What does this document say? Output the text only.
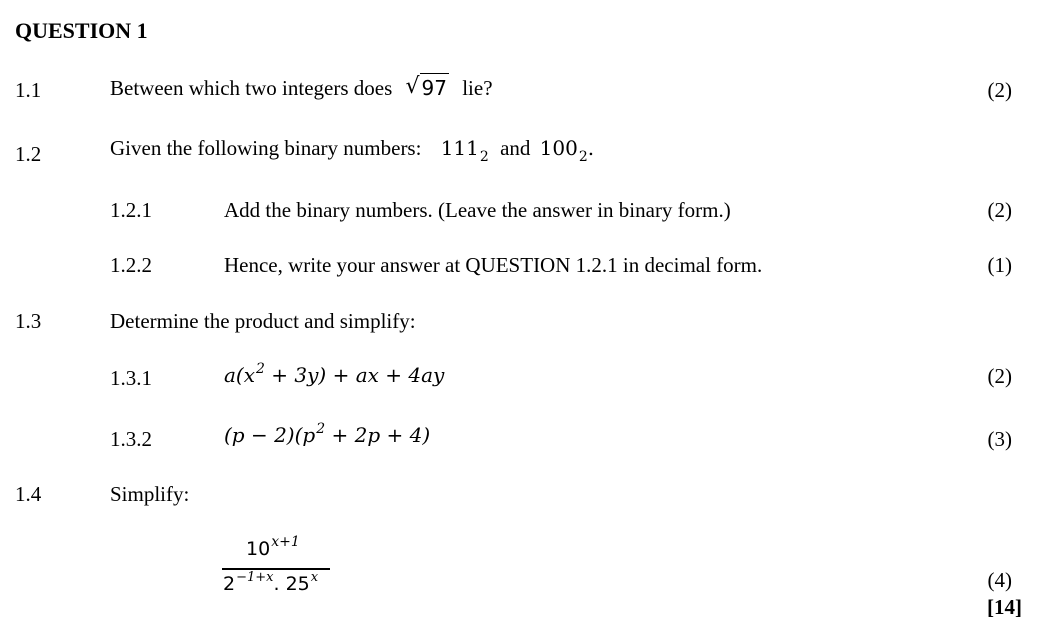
QUESTION 1
1.1	Between which two integers does √ 97 lie?	(2)
1.2	Given the following binary numbers: $111_2$ and $100_2$.
1.2.1	Add the binary numbers. (Leave the answer in binary form.)	(2)
1.2.2	Hence, write your answer at QUESTION 1.2.1 in decimal form.	(1)
1.3	Determine the product and simplify:
1.3.1	$a(x^2 + 3y)$ + ax + 4ay	(2)
1.3.2	$(p - 2)(p^2 + 2p + 4)$	(3)
1.4	Simplify:
$10^{x+1}$
$2^{-1+x}$. 25$^x$	(4)
[14]
